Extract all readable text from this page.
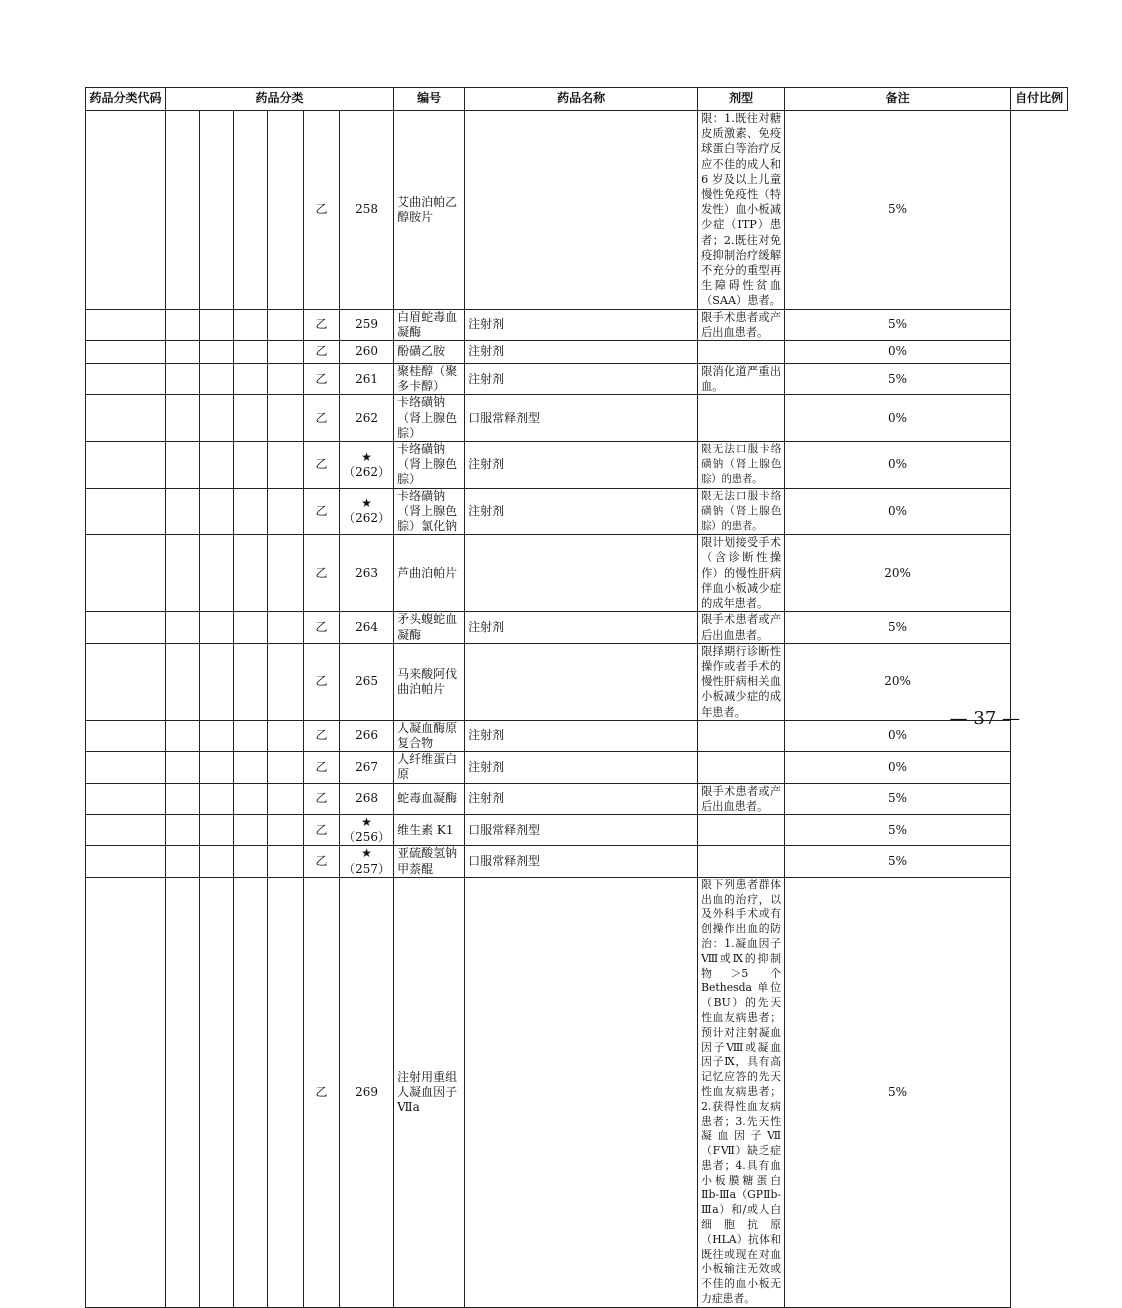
药品分类代码	药品分类						编号	药品名称	剂型	备注	自付比例
					乙	258	艾曲泊帕乙醇胺片		限：1.既往对糖皮质激素、免疫球蛋白等治疗反应不佳的成人和 6 岁及以上儿童慢性免疫性（特发性）血小板减少症（ITP）患者；2.既往对免疫抑制治疗缓解不充分的重型再生障碍性贫血（SAA）患者。	5%	
					乙	259	白眉蛇毒血凝酶	注射剂	限手术患者或产后出血患者。	5%	
					乙	260	酚磺乙胺	注射剂		0%	
					乙	261	聚桂醇（聚多卡醇）	注射剂	限消化道严重出血。	5%	
					乙	262	卡络磺钠（肾上腺色腙）	口服常释剂型		0%	
					乙	★（262）	卡络磺钠（肾上腺色腙）	注射剂	限无法口服卡络磺钠（肾上腺色腙）的患者。	0%	
					乙	★（262）	卡络磺钠（肾上腺色腙）氯化钠	注射剂	限无法口服卡络磺钠（肾上腺色腙）的患者。	0%	
					乙	263	芦曲泊帕片		限计划接受手术（含诊断性操作）的慢性肝病伴血小板减少症的成年患者。	20%	
					乙	264	矛头蝮蛇血凝酶	注射剂	限手术患者或产后出血患者。	5%	
					乙	265	马来酸阿伐曲泊帕片		限择期行诊断性操作或者手术的慢性肝病相关血小板减少症的成年患者。	20%	
					乙	266	人凝血酶原复合物	注射剂		0%	
					乙	267	人纤维蛋白原	注射剂		0%	
					乙	268	蛇毒血凝酶	注射剂	限手术患者或产后出血患者。	5%	
					乙	★（256）	维生素 K1	口服常释剂型		5%	
					乙	★（257）	亚硫酸氢钠甲萘醌	口服常释剂型		5%	
					乙	269	注射用重组人凝血因子Ⅶa		限下列患者群体出血的治疗，以及外科手术或有创操作出血的防治：1.凝血因子Ⅷ或Ⅸ的抑制物＞5 个 Bethesda 单位（BU）的先天性血友病患者；预计对注射凝血因子Ⅷ或凝血因子Ⅸ，具有高记忆应答的先天性血友病患者；2.获得性血友病患者；3.先天性凝血因子Ⅶ（FⅦ）缺乏症患者；4.具有血小板膜糖蛋白Ⅱb-Ⅲa（GPⅡb-Ⅲa）和/或人白细胞抗原（HLA）抗体和既往或现在对血小板输注无效或不佳的血小板无力症患者。	5%	
— 37 —
